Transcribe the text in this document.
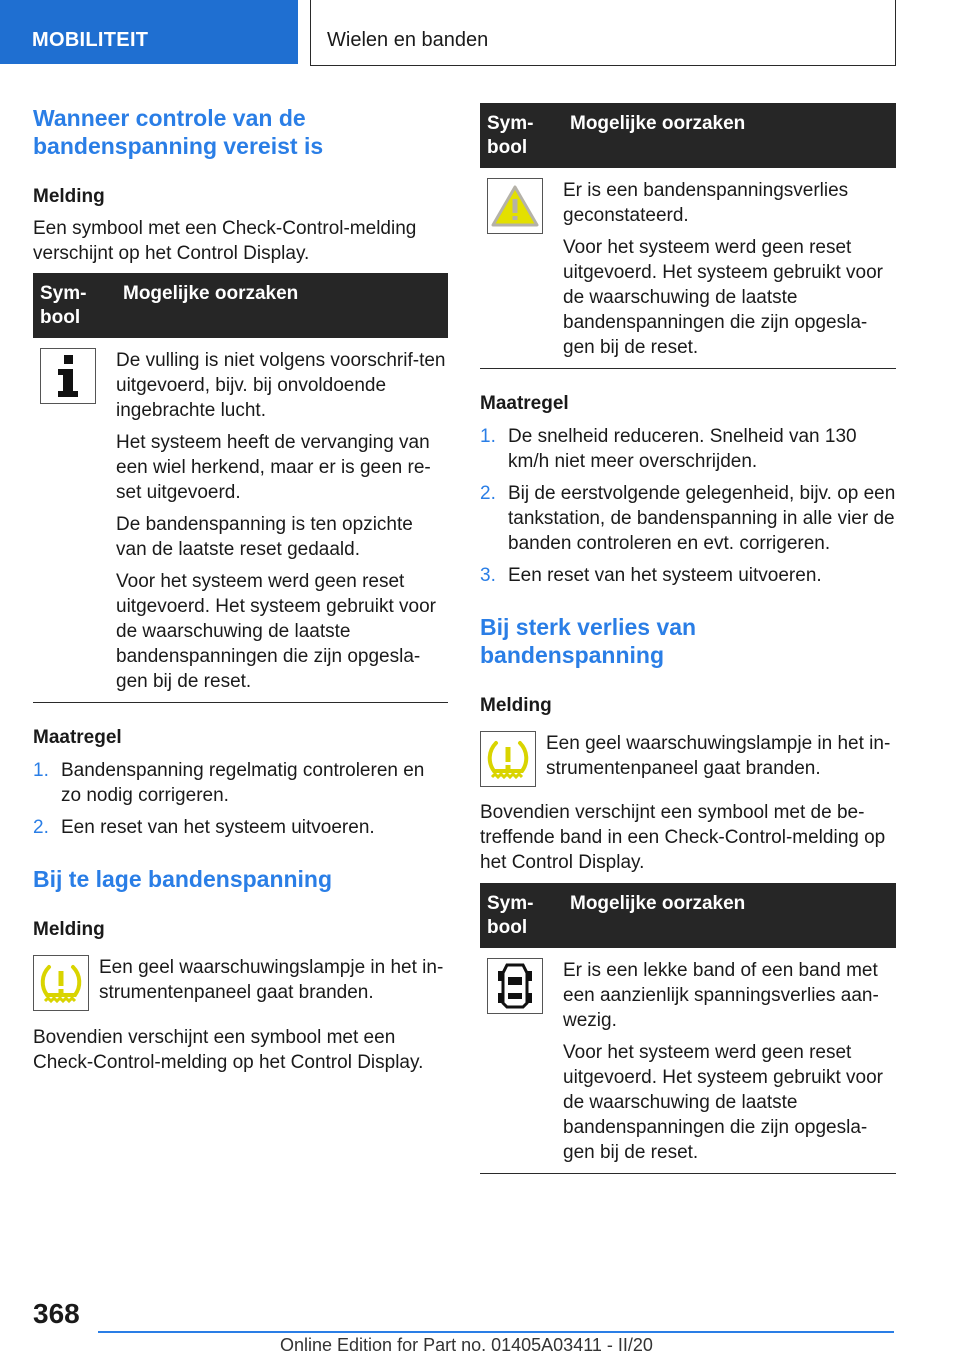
MOBILITEIT	Wielen en banden
Wanneer controle van de bandenspanning vereist is
Melding
Een symbool met een Check-Control-melding verschijnt op het Control Display.
Sym-
bool	Mogelijke oorzaken

De vulling is niet volgens voorschrif-ten uitgevoerd, bijv. bij onvoldoende ingebrachte lucht.

Het systeem heeft de vervanging van een wiel herkend, maar er is geen re-set uitgevoerd.

De bandenspanning is ten opzichte van de laatste reset gedaald.

Voor het systeem werd geen reset uitgevoerd. Het systeem gebruikt voor de waarschuwing de laatste bandenspanningen die zijn opgesla-gen bij de reset.

Maatregel
1. Bandenspanning regelmatig controleren en zo nodig corrigeren.
2. Een reset van het systeem uitvoeren.
Bij te lage bandenspanning
Melding
Een geel waarschuwingslampje in het in-strumentenpaneel gaat branden.
Bovendien verschijnt een symbool met een Check-Control-melding op het Control Display.
Sym-
bool	Mogelijke oorzaken

Er is een bandenspanningsverlies geconstateerd.

Voor het systeem werd geen reset uitgevoerd. Het systeem gebruikt voor de waarschuwing de laatste bandenspanningen die zijn opgesla-gen bij de reset.

Maatregel
1. De snelheid reduceren. Snelheid van 130 km/h niet meer overschrijden.
2. Bij de eerstvolgende gelegenheid, bijv. op een tankstation, de bandenspanning in alle vier de banden controleren en evt. corrigeren.
3. Een reset van het systeem uitvoeren.
Bij sterk verlies van bandenspanning
Melding
Een geel waarschuwingslampje in het in-strumentenpaneel gaat branden.
Bovendien verschijnt een symbool met de be-treffende band in een Check-Control-melding op het Control Display.
Sym-
bool	Mogelijke oorzaken

Er is een lekke band of een band met een aanzienlijk spanningsverlies aan-wezig.

Voor het systeem werd geen reset uitgevoerd. Het systeem gebruikt voor de waarschuwing de laatste bandenspanningen die zijn opgesla-gen bij de reset.

368
Online Edition for Part no. 01405A03411 - II/20
